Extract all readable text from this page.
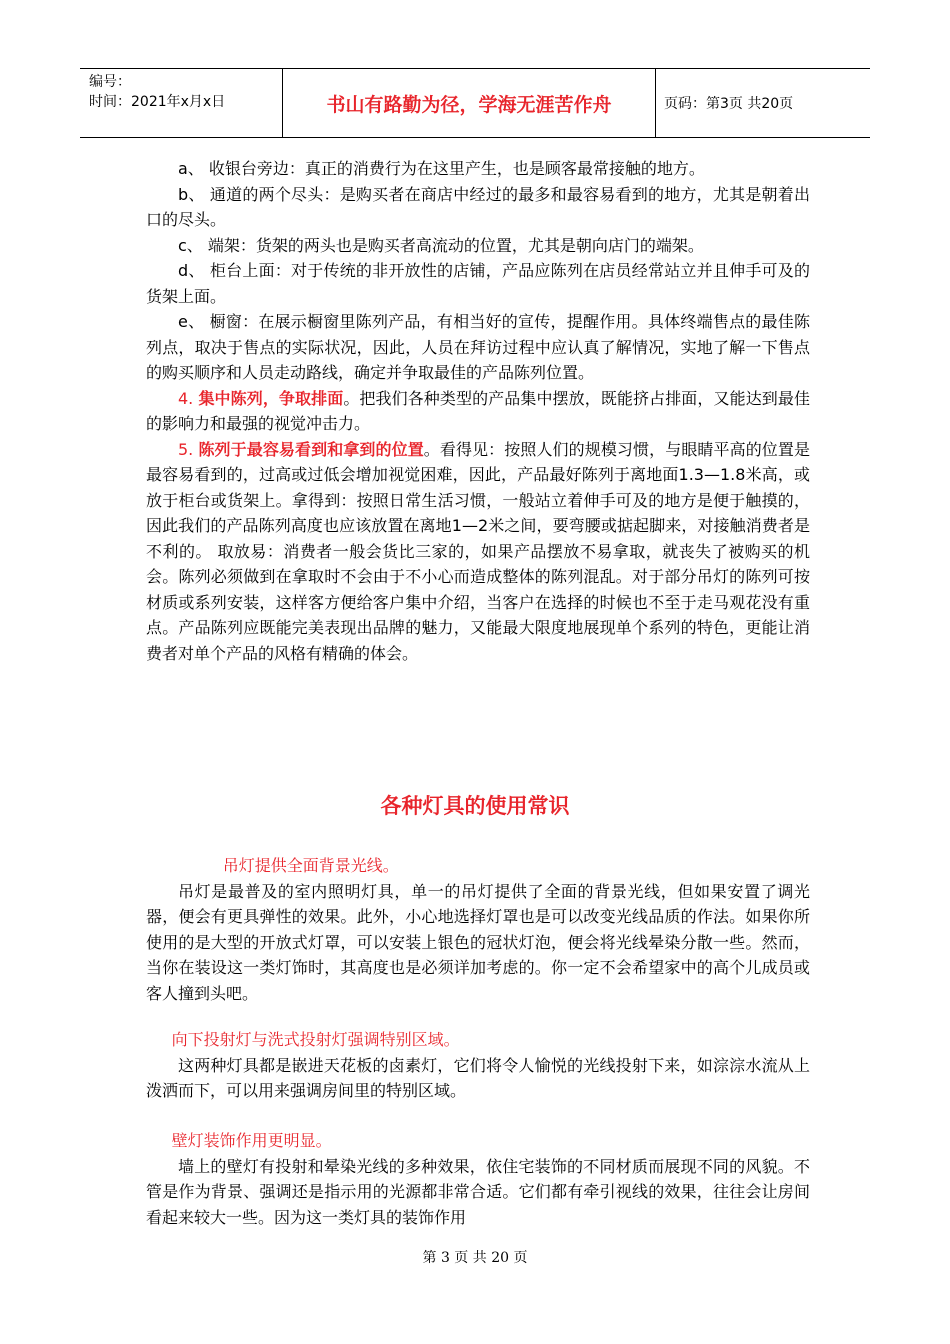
编号：
时间：2021年x月x日	书山有路勤为径，学海无涯苦作舟	页码：第3页 共20页

a、 收银台旁边：真正的消费行为在这里产生，也是顾客最常接触的地方。

b、 通道的两个尽头：是购买者在商店中经过的最多和最容易看到的地方，尤其是朝着出口的尽头。

c、 端架：货架的两头也是购买者高流动的位置，尤其是朝向店门的端架。

d、 柜台上面：对于传统的非开放性的店铺，产品应陈列在店员经常站立并且伸手可及的货架上面。

e、 橱窗：在展示橱窗里陈列产品，有相当好的宣传，提醒作用。具体终端售点的最佳陈列点，取决于售点的实际状况，因此，人员在拜访过程中应认真了解情况，实地了解一下售点的购买顺序和人员走动路线，确定并争取最佳的产品陈列位置。

4. 集中陈列，争取排面。把我们各种类型的产品集中摆放，既能挤占排面，又能达到最佳的影响力和最强的视觉冲击力。

5. 陈列于最容易看到和拿到的位置。看得见：按照人们的规模习惯，与眼睛平高的位置是最容易看到的，过高或过低会增加视觉困难，因此，产品最好陈列于离地面1.3—1.8米高，或放于柜台或货架上。拿得到：按照日常生活习惯，一般站立着伸手可及的地方是便于触摸的，因此我们的产品陈列高度也应该放置在离地1—2米之间，要弯腰或掂起脚来，对接触消费者是不利的。 取放易：消费者一般会货比三家的，如果产品摆放不易拿取，就丧失了被购买的机会。陈列必须做到在拿取时不会由于不小心而造成整体的陈列混乱。对于部分吊灯的陈列可按材质或系列安装，这样客方便给客户集中介绍，当客户在选择的时候也不至于走马观花没有重点。产品陈列应既能完美表现出品牌的魅力，又能最大限度地展现单个系列的特色，更能让消费者对单个产品的风格有精确的体会。

各种灯具的使用常识

吊灯提供全面背景光线。

吊灯是最普及的室内照明灯具，单一的吊灯提供了全面的背景光线，但如果安置了调光器，便会有更具弹性的效果。此外，小心地选择灯罩也是可以改变光线品质的作法。如果你所使用的是大型的开放式灯罩，可以安装上银色的冠状灯泡，便会将光线晕染分散一些。然而，当你在装设这一类灯饰时，其高度也是必须详加考虑的。你一定不会希望家中的高个儿成员或客人撞到头吧。

向下投射灯与洗式投射灯强调特别区域。

这两种灯具都是嵌进天花板的卤素灯，它们将令人愉悦的光线投射下来，如淙淙水流从上泼洒而下，可以用来强调房间里的特别区域。

壁灯装饰作用更明显。

墙上的壁灯有投射和晕染光线的多种效果，依住宅装饰的不同材质而展现不同的风貌。不管是作为背景、强调还是指示用的光源都非常合适。它们都有牵引视线的效果，往往会让房间看起来较大一些。因为这一类灯具的装饰作用

第 3 页 共 20 页
